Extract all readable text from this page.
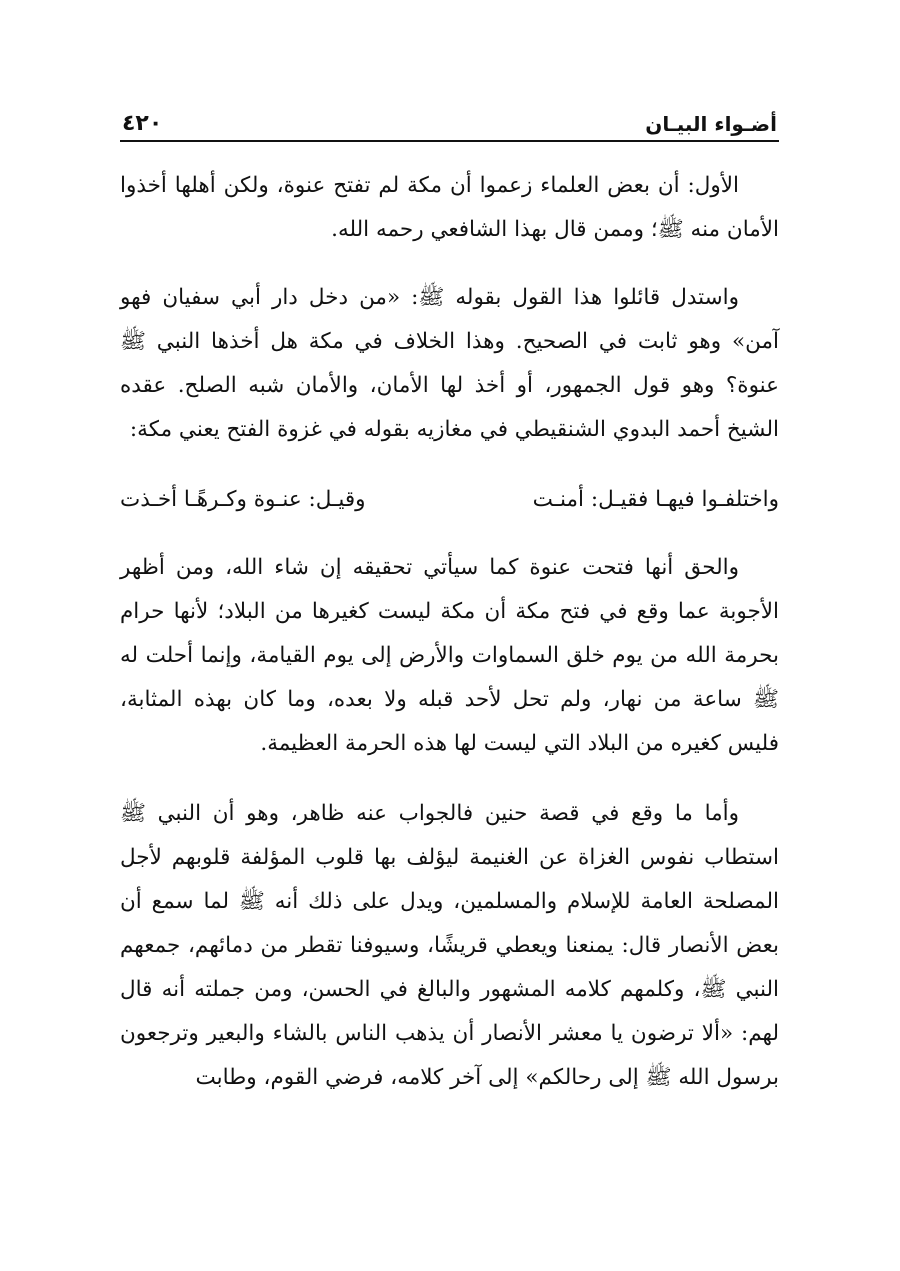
أضـواء البيـان
٤٢٠

الأول: أن بعض العلماء زعموا أن مكة لم تفتح عنوة، ولكن أهلها أخذوا الأمان منه ﷺ؛ وممن قال بهذا الشافعي رحمه الله.

واستدل قائلوا هذا القول بقوله ﷺ: «من دخل دار أبي سفيان فهو آمن» وهو ثابت في الصحيح. وهذا الخلاف في مكة هل أخذها النبي ﷺ عنوة؟ وهو قول الجمهور، أو أخذ لها الأمان، والأمان شبه الصلح. عقده الشيخ أحمد البدوي الشنقيطي في مغازيه بقوله في غزوة الفتح يعني مكة:

واختلفـوا فيهـا فقيـل: أمنـت
وقيـل: عنـوة وكـرهًـا أخـذت

والحق أنها فتحت عنوة كما سيأتي تحقيقه إن شاء الله، ومن أظهر الأجوبة عما وقع في فتح مكة أن مكة ليست كغيرها من البلاد؛ لأنها حرام بحرمة الله من يوم خلق السماوات والأرض إلى يوم القيامة، وإنما أحلت له ﷺ ساعة من نهار، ولم تحل لأحد قبله ولا بعده، وما كان بهذه المثابة، فليس كغيره من البلاد التي ليست لها هذه الحرمة العظيمة.

وأما ما وقع في قصة حنين فالجواب عنه ظاهر، وهو أن النبي ﷺ استطاب نفوس الغزاة عن الغنيمة ليؤلف بها قلوب المؤلفة قلوبهم لأجل المصلحة العامة للإسلام والمسلمين، ويدل على ذلك أنه ﷺ لما سمع أن بعض الأنصار قال: يمنعنا ويعطي قريشًا، وسيوفنا تقطر من دمائهم، جمعهم النبي ﷺ، وكلمهم كلامه المشهور والبالغ في الحسن، ومن جملته أنه قال لهم: «ألا ترضون يا معشر الأنصار أن يذهب الناس بالشاء والبعير وترجعون برسول الله ﷺ إلى رحالكم» إلى آخر كلامه، فرضي القوم، وطابت
